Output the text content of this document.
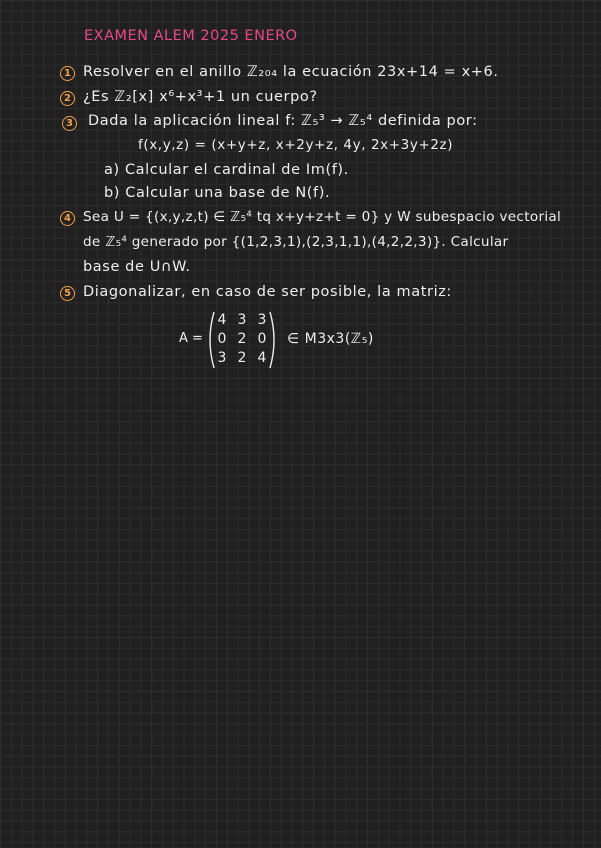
EXAMEN ALEM 2025 ENERO
1 Resolver en el anillo ℤ₂₀₄ la ecuación 23x+14 = x+6.
2 ¿Es ℤ₂[x] x⁶+x³+1 un cuerpo?
3 Dada la aplicación lineal f: ℤ₅³ → ℤ₅⁴ definida por:
f(x,y,z) = (x+y+z, x+2y+z, 4y, 2x+3y+2z)
a) Calcular el cardinal de Im(f).
b) Calcular una base de N(f).
4 Sea U = {(x,y,z,t) ∈ ℤ₅⁴ tq x+y+z+t = 0} y W subespacio vectorial
de ℤ₅⁴ generado por {(1,2,3,1),(2,3,1,1),(4,2,2,3)}. Calcular
base de U∩W.
5 Diagonalizar, en caso de ser posible, la matriz:
A =
4 3 3
0 2 0
3 2 4
∈ M3x3(ℤ₅)
